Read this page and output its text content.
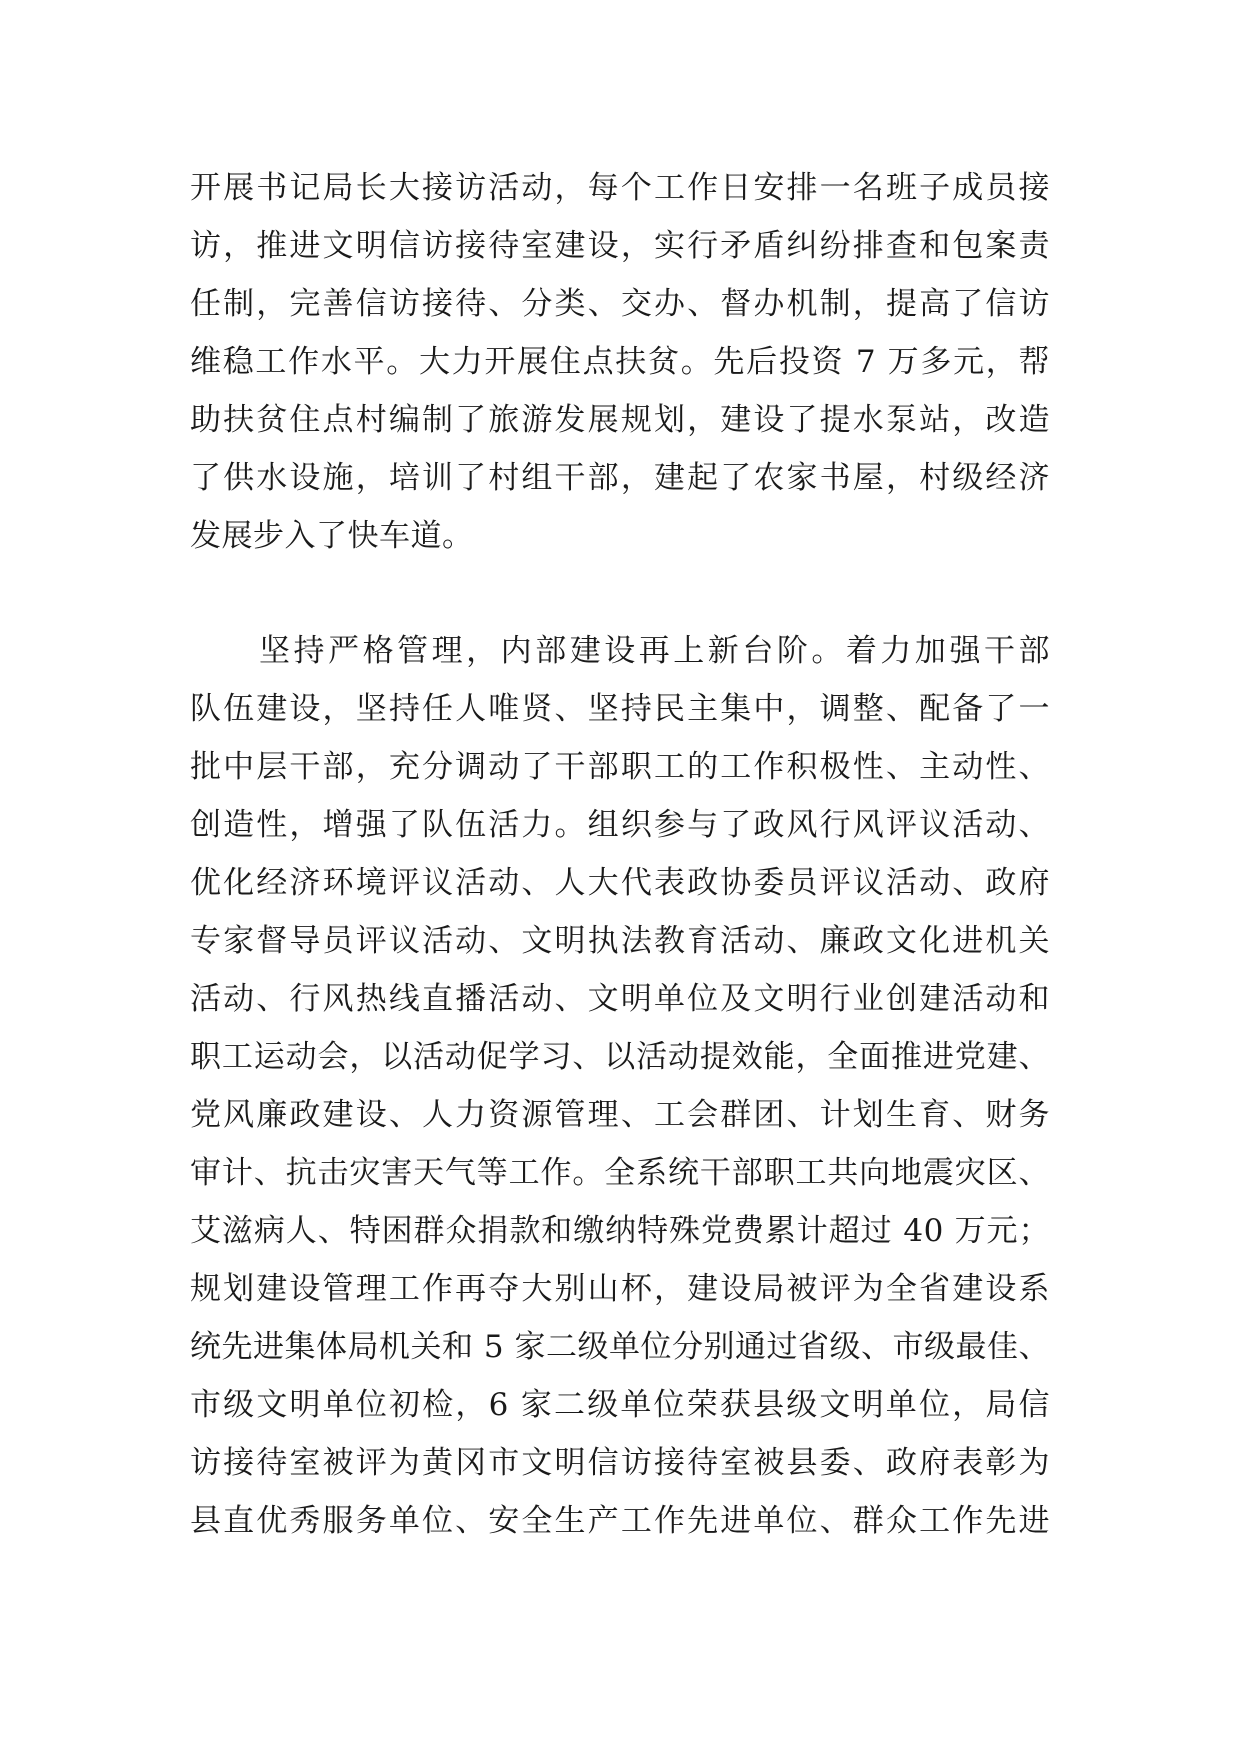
开展书记局长大接访活动，每个工作日安排一名班子成员接
访，推进文明信访接待室建设，实行矛盾纠纷排查和包案责
任制，完善信访接待、分类、交办、督办机制，提高了信访
维稳工作水平。大力开展住点扶贫。先后投资 7 万多元，帮
助扶贫住点村编制了旅游发展规划，建设了提水泵站，改造
了供水设施，培训了村组干部，建起了农家书屋，村级经济
发展步入了快车道。
　　坚持严格管理，内部建设再上新台阶。着力加强干部
队伍建设，坚持任人唯贤、坚持民主集中，调整、配备了一
批中层干部，充分调动了干部职工的工作积极性、主动性、
创造性，增强了队伍活力。组织参与了政风行风评议活动、
优化经济环境评议活动、人大代表政协委员评议活动、政府
专家督导员评议活动、文明执法教育活动、廉政文化进机关
活动、行风热线直播活动、文明单位及文明行业创建活动和
职工运动会，以活动促学习、以活动提效能，全面推进党建、
党风廉政建设、人力资源管理、工会群团、计划生育、财务
审计、抗击灾害天气等工作。全系统干部职工共向地震灾区、
艾滋病人、特困群众捐款和缴纳特殊党费累计超过 40 万元；
规划建设管理工作再夺大别山杯，建设局被评为全省建设系
统先进集体局机关和 5 家二级单位分别通过省级、市级最佳、
市级文明单位初检，6 家二级单位荣获县级文明单位，局信
访接待室被评为黄冈市文明信访接待室被县委、政府表彰为
县直优秀服务单位、安全生产工作先进单位、群众工作先进
